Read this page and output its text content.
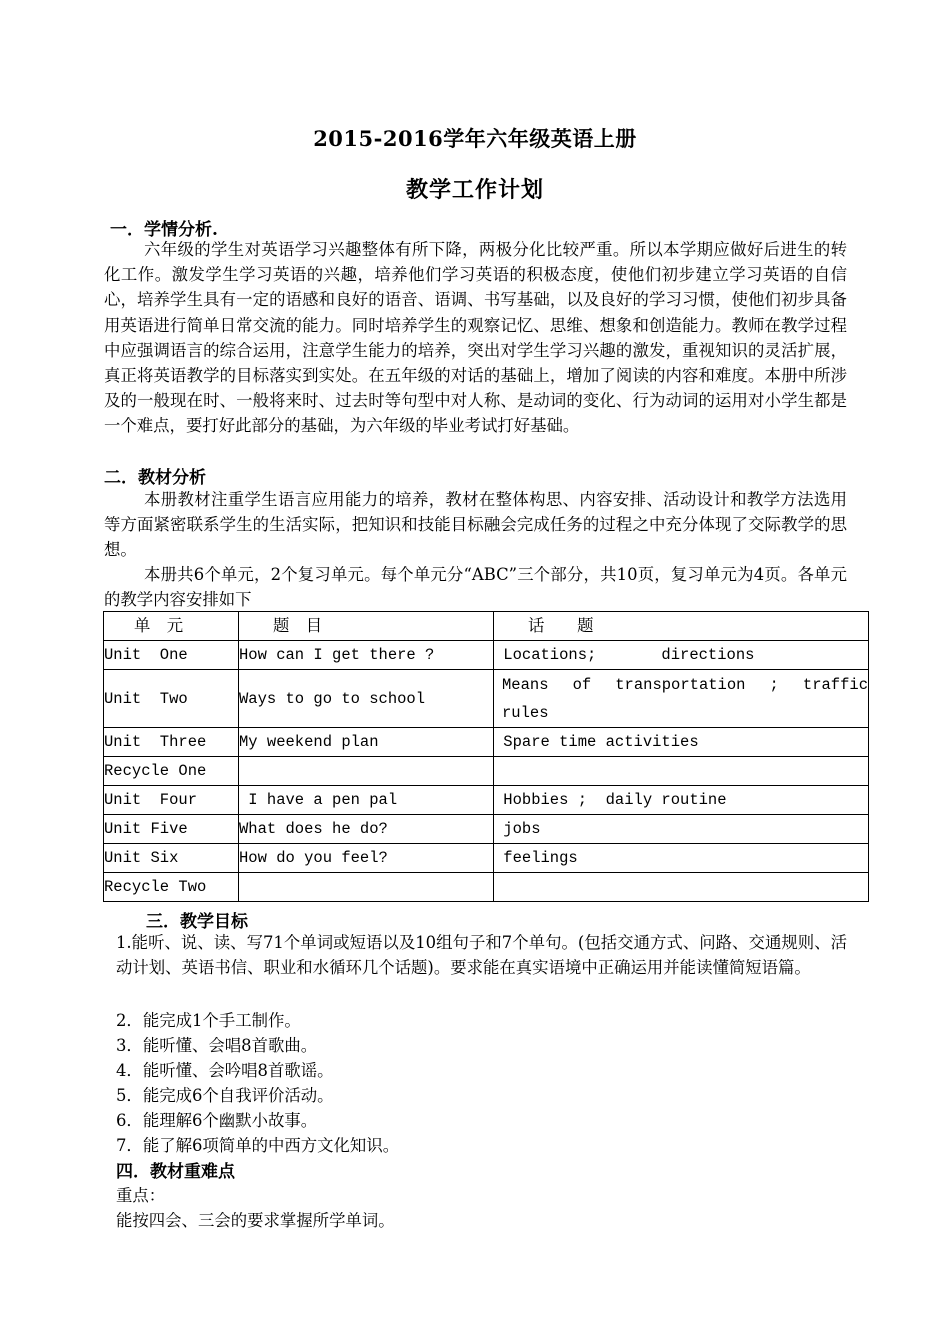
2015-2016学年六年级英语上册
教学工作计划
一．学情分析.
六年级的学生对英语学习兴趣整体有所下降，两极分化比较严重。所以本学期应做好后进生的转化工作。激发学生学习英语的兴趣，培养他们学习英语的积极态度，使他们初步建立学习英语的自信心，培养学生具有一定的语感和良好的语音、语调、书写基础，以及良好的学习习惯，使他们初步具备用英语进行简单日常交流的能力。同时培养学生的观察记忆、思维、想象和创造能力。教师在教学过程中应强调语言的综合运用，注意学生能力的培养，突出对学生学习兴趣的激发，重视知识的灵活扩展，真正将英语教学的目标落实到实处。在五年级的对话的基础上，增加了阅读的内容和难度。本册中所涉及的一般现在时、一般将来时、过去时等句型中对人称、是动词的变化、行为动词的运用对小学生都是一个难点，要打好此部分的基础，为六年级的毕业考试打好基础。
二．教材分析
本册教材注重学生语言应用能力的培养，教材在整体构思、内容安排、活动设计和教学方法选用等方面紧密联系学生的生活实际，把知识和技能目标融会完成任务的过程之中充分体现了交际教学的思想。
本册共6个单元，2个复习单元。每个单元分“ABC”三个部分，共10页，复习单元为4页。各单元的教学内容安排如下
单　元	题　目	话　　题
Unit  One	How can I get there ?	Locations;       directions
Unit  Two	Ways to go to school	Means of transportation ; traffic rules
Unit  Three	My weekend plan	Spare time activities
Recycle One		
Unit  Four	I have a pen pal	Hobbies ;  daily routine
Unit Five	What does he do?	jobs
Unit Six	How do you feel?	feelings
Recycle Two		
三．教学目标
1.能听、说、读、写71个单词或短语以及10组句子和7个单句。(包括交通方式、问路、交通规则、活动计划、英语书信、职业和水循环几个话题)。要求能在真实语境中正确运用并能读懂简短语篇。
2．能完成1个手工制作。
3．能听懂、会唱8首歌曲。
4．能听懂、会吟唱8首歌谣。
5．能完成6个自我评价活动。
6．能理解6个幽默小故事。
7．能了解6项简单的中西方文化知识。
四．教材重难点
重点：
能按四会、三会的要求掌握所学单词。
